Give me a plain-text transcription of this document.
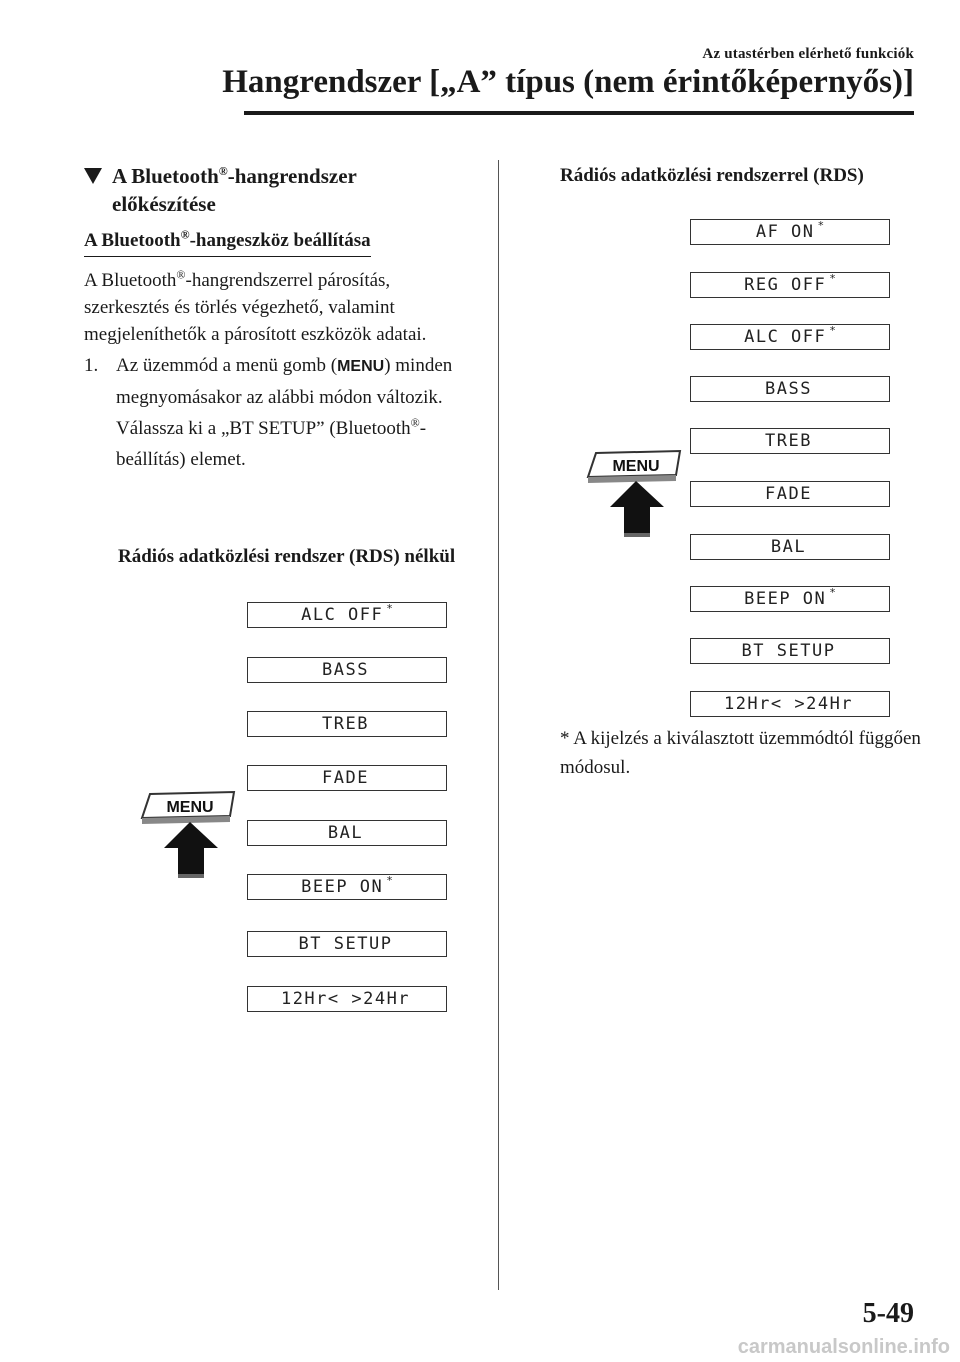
Az utastérben elérhető funkciók
Hangrendszer [„A” típus (nem érintőképernyős)]
A Bluetooth®-hangrendszer
előkészítése
A Bluetooth®-hangeszköz beállítása

A Bluetooth®-hangrendszerrel párosítás, szerkesztés és törlés végezhető, valamint megjeleníthetők a párosított eszközök adatai.

1. Az üzemmód a menü gomb (MENU) minden megnyomásakor az alábbi módon változik. Válassza ki a „BT SETUP” (Bluetooth®-beállítás) elemet.
Rádiós adatközlési rendszer (RDS) nélkül
Rádiós adatközlési rendszerrel (RDS)
ALC OFF *
BASS
TREB
FADE
BAL
BEEP ON *
BT SETUP
12Hr< >24Hr
MENU
AF ON *
REG OFF *
ALC OFF *
BASS
TREB
FADE
BAL
BEEP ON *
BT SETUP
12Hr< >24Hr
MENU
* A kijelzés a kiválasztott üzemmódtól függően módosul.
5-49
carmanualsonline.info
